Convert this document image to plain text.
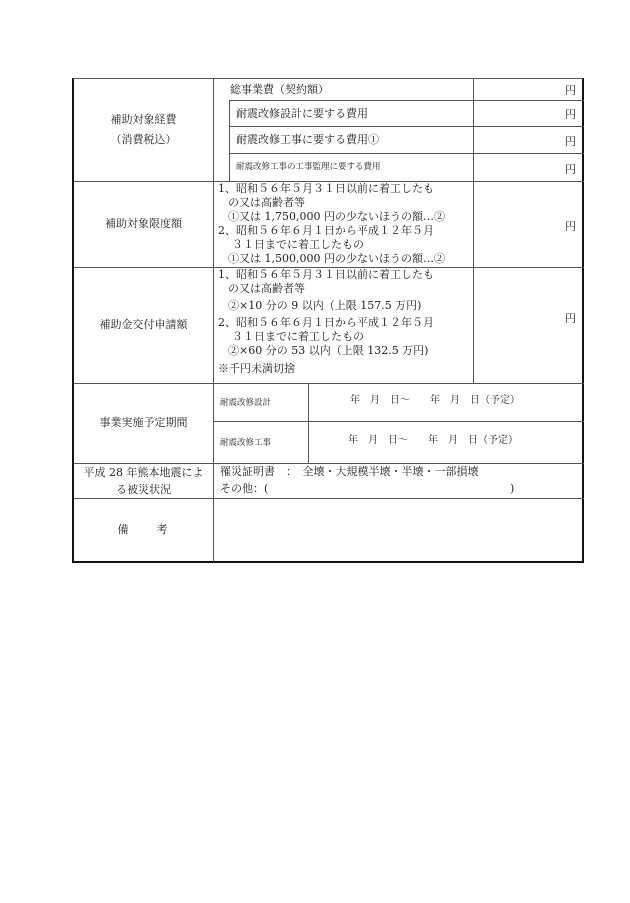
補助対象経費
（消費税込）
総事業費（契約額）	円
耐震改修設計に要する費用	円
耐震改修工事に要する費用①	円
耐震改修工事の工事監理に要する費用	円
補助対象限度額
1、昭和５６年５月３１日以前に着工したも
の又は高齢者等
①又は 1,750,000 円の少ないほうの額…②
2、昭和５６年６月１日から平成１２年５月
３１日までに着工したもの
①又は 1,500,000 円の少ないほうの額…②
円
補助金交付申請額
1、昭和５６年５月３１日以前に着工したも
の又は高齢者等
②×10 分の 9 以内（上限 157.5 万円)
2、昭和５６年６月１日から平成１２年５月
３１日までに着工したもの
②×60 分の 53 以内（上限 132.5 万円)
※千円未満切捨
円
事業実施予定期間
耐震改修設計	年　月　日～　　年　月　日（予定）
耐震改修工事	年　月　日～　　年　月　日（予定）
平成 28 年熊本地震によ
る被災状況
罹災証明書　：　全壊・大規模半壊・半壊・一部損壊
その他：(	)
備　　考
